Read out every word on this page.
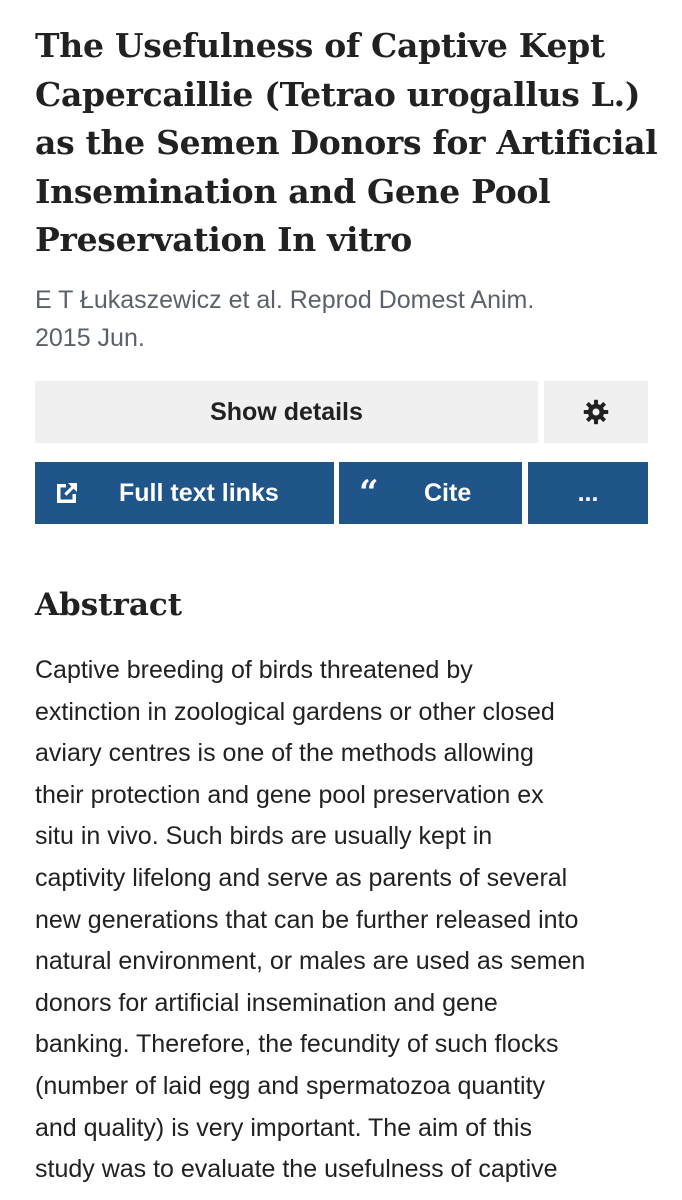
The Usefulness of Captive Kept
Capercaillie (Tetrao urogallus L.)
as the Semen Donors for Artificial
Insemination and Gene Pool
Preservation In vitro
E T Łukaszewicz et al. Reprod Domest Anim.
2015 Jun.
Show details
Full text links “ Cite	...
Abstract
Captive breeding of birds threatened by
extinction in zoological gardens or other closed
aviary centres is one of the methods allowing
their protection and gene pool preservation ex
situ in vivo. Such birds are usually kept in
captivity lifelong and serve as parents of several
new generations that can be further released into
natural environment, or males are used as semen
donors for artificial insemination and gene
banking. Therefore, the fecundity of such flocks
(number of laid egg and spermatozoa quantity
and quality) is very important. The aim of this
study was to evaluate the usefulness of captive
